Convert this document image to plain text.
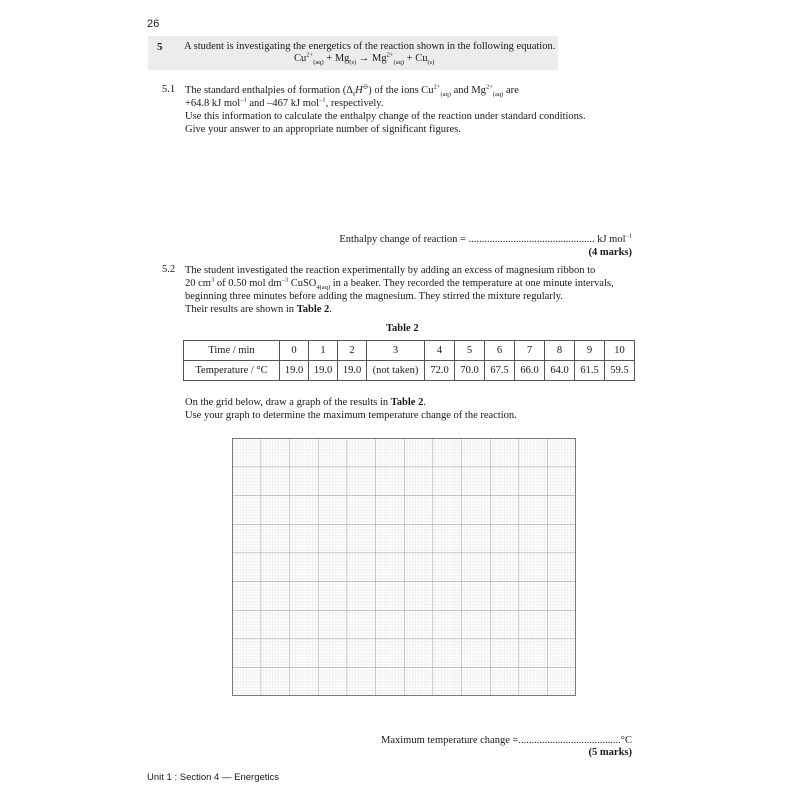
26
5 A student is investigating the energetics of the reaction shown in the following equation.
$Cu^{2+}_{(aq)} + Mg_{(s)} \to Mg^{2+}_{(aq)} + Cu_{(s)}$
5.1 The standard enthalpies of formation $(\Delta_fH^⊖)$ of the ions $Cu^{2+}_{(aq)}$ and $Mg^{2+}_{(aq)}$ are
+64.8 kJ mol$^{-1}$ and –467 kJ mol$^{-1}$, respectively.
Use this information to calculate the enthalpy change of the reaction under standard conditions.
Give your answer to an appropriate number of significant figures.
Enthalpy change of reaction = ................................................ kJ mol$^{-1}$
(4 marks)
5.2 The student investigated the reaction experimentally by adding an excess of magnesium ribbon to
20 $cm^3$ of 0.50 mol $dm^{-3}$ CuSO$_{4(aq)}$ in a beaker. They recorded the temperature at one minute intervals,
beginning three minutes before adding the magnesium. They stirred the mixture regularly.
Their results are shown in Table 2.
Table 2
Time / min	0	1	2	3	4	5	6	7	8	9	10
Temperature / °C	19.0	19.0	19.0	(not taken)	72.0	70.0	67.5	66.0	64.0	61.5	59.5
On the grid below, draw a graph of the results in Table 2.
Use your graph to determine the maximum temperature change of the reaction.
Maximum temperature change =.......................................°C
(5 marks)
Unit 1 : Section 4 — Energetics
